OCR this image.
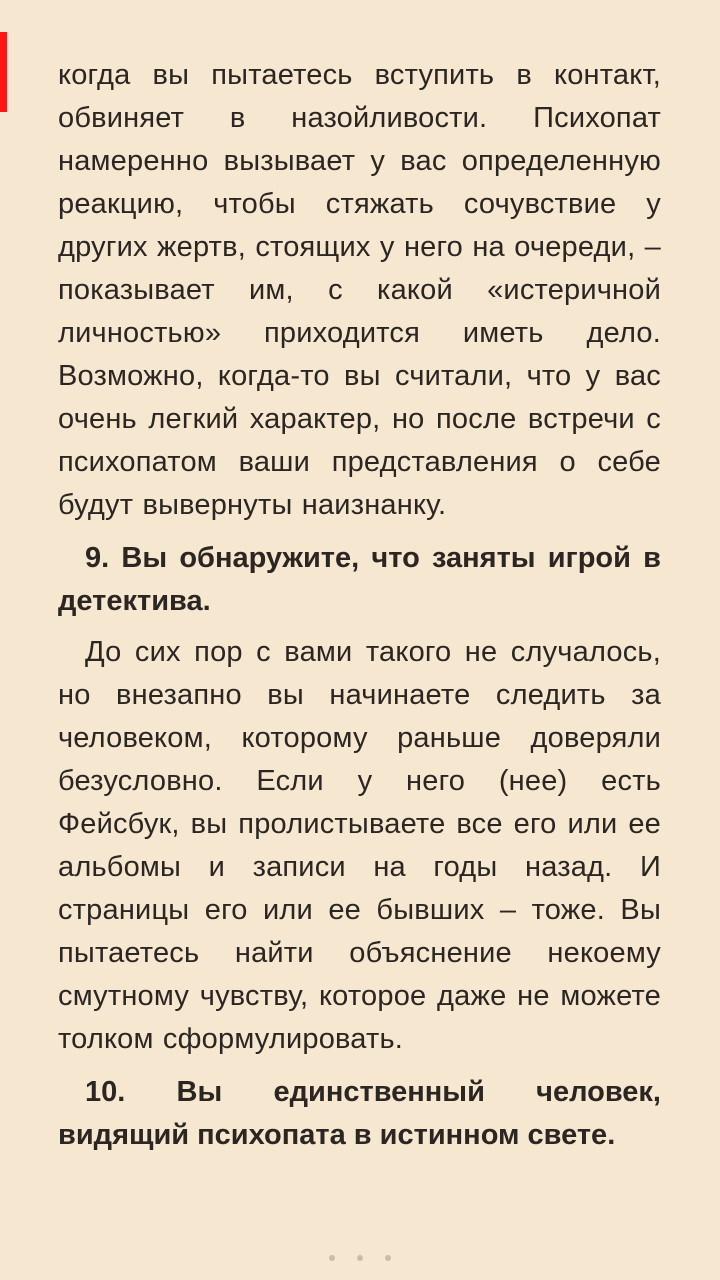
когда вы пытаетесь вступить в контакт, обвиняет в назойливости. Психопат намеренно вызывает у вас определенную реакцию, чтобы стяжать сочувствие у других жертв, стоящих у него на очереди, – показывает им, с какой «истеричной личностью» приходится иметь дело. Возможно, когда-то вы считали, что у вас очень легкий характер, но после встречи с психопатом ваши представления о себе будут вывернуты наизнанку.

9. Вы обнаружите, что заняты игрой в детектива.

До сих пор с вами такого не случалось, но внезапно вы начинаете следить за человеком, которому раньше доверяли безусловно. Если у него (нее) есть Фейсбук, вы пролистываете все его или ее альбомы и записи на годы назад. И страницы его или ее бывших – тоже. Вы пытаетесь найти объяснение некоему смутному чувству, которое даже не можете толком сформулировать.

10. Вы единственный человек, видящий психопата в истинном свете.
